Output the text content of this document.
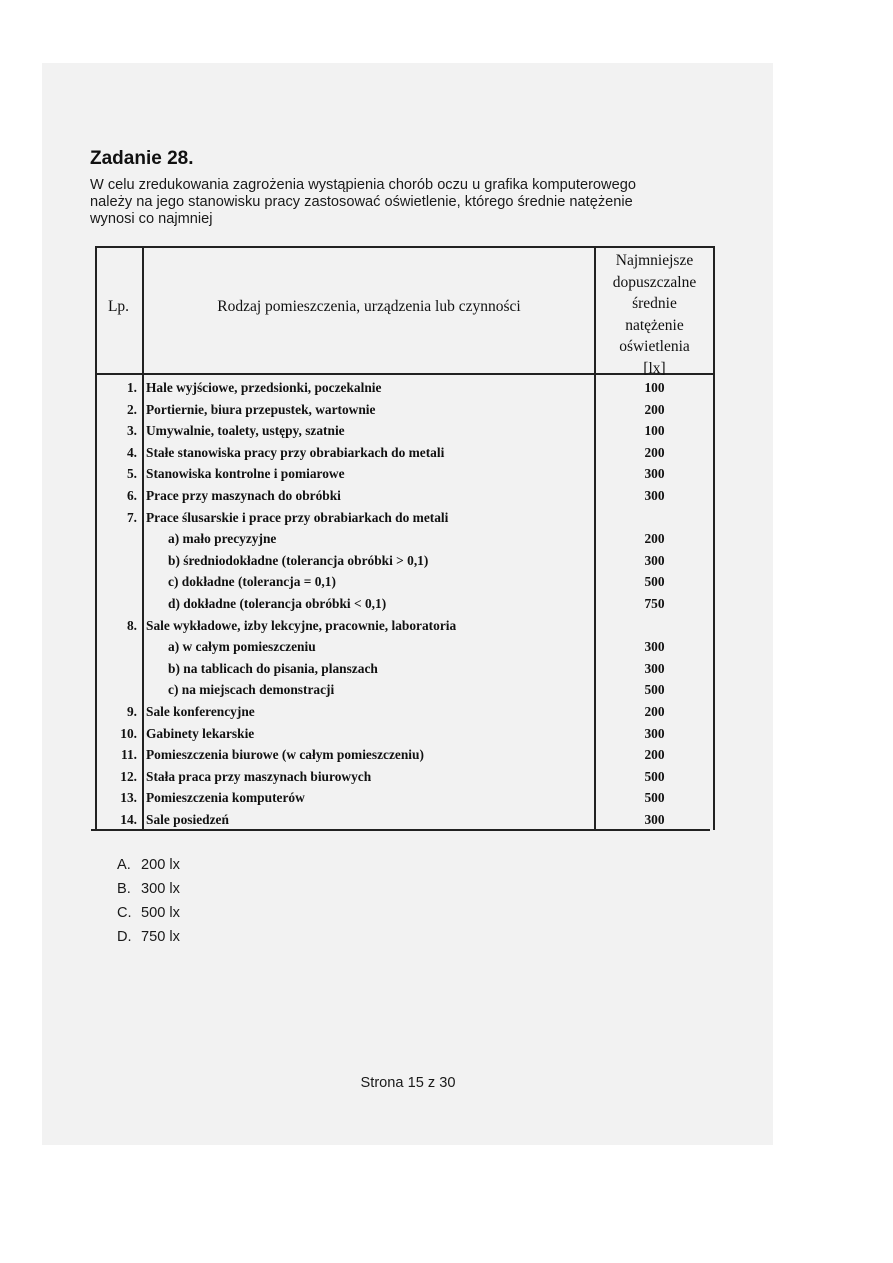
Zadanie 28.

W celu zredukowania zagrożenia wystąpienia chorób oczu u grafika komputerowego
należy na jego stanowisku pracy zastosować oświetlenie, którego średnie natężenie
wynosi co najmniej

Lp.	Rodzaj pomieszczenia, urządzenia lub czynności
Najmniejsze
dopuszczalne
średnie
natężenie
oświetlenia
[lx]
1. Hale wyjściowe, przedsionki, poczekalnie	100
2. Portiernie, biura przepustek, wartownie	200
3. Umywalnie, toalety, ustępy, szatnie	100
4. Stałe stanowiska pracy przy obrabiarkach do metali	200
5. Stanowiska kontrolne i pomiarowe	300
6. Prace przy maszynach do obróbki	300
7. Prace ślusarskie i prace przy obrabiarkach do metali
a) mało precyzyjne	200
b) średniodokładne (tolerancja obróbki > 0,1)	300
c) dokładne (tolerancja = 0,1)	500
d) dokładne (tolerancja obróbki < 0,1)	750
8. Sale wykładowe, izby lekcyjne, pracownie, laboratoria
a) w całym pomieszczeniu	300
b) na tablicach do pisania, planszach	300
c) na miejscach demonstracji	500
9. Sale konferencyjne	200
10. Gabinety lekarskie	300
11. Pomieszczenia biurowe (w całym pomieszczeniu)	200
12. Stała praca przy maszynach biurowych	500
13. Pomieszczenia komputerów	500
14. Sale posiedzeń	300
A. 200 lx
B. 300 lx
C. 500 lx
D. 750 lx
Strona 15 z 30
